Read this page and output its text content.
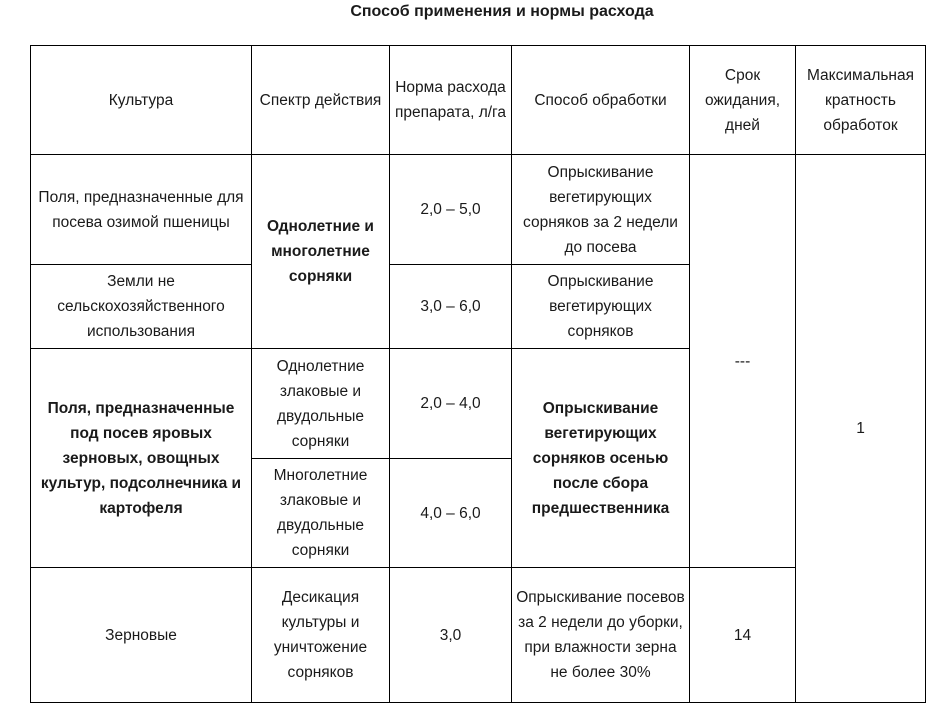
Способ применения и нормы расхода
Культура	Спектр действия	Норма расхода препарата, л/га	Способ обработки	Срок ожидания, дней	Максимальная кратность обработок
Поля, предназначенные для посева озимой пшеницы	Однолетние и многолетние сорняки	2,0 – 5,0	Опрыскивание вегетирующих сорняков за 2 недели до посева	---	1
Земли не сельскохозяйственного использования		3,0 – 6,0	Опрыскивание вегетирующих сорняков		
Поля, предназначенные под посев яровых зерновых, овощных культур, подсолнечника и картофеля	Однолетние злаковые и двудольные сорняки	2,0 – 4,0	Опрыскивание вегетирующих сорняков осенью после сбора предшественника		
	Многолетние злаковые и двудольные сорняки	4,0 – 6,0			
Зерновые	Десикация культуры и уничтожение сорняков	3,0	Опрыскивание посевов за 2 недели до уборки, при влажности зерна не более 30%	14	
